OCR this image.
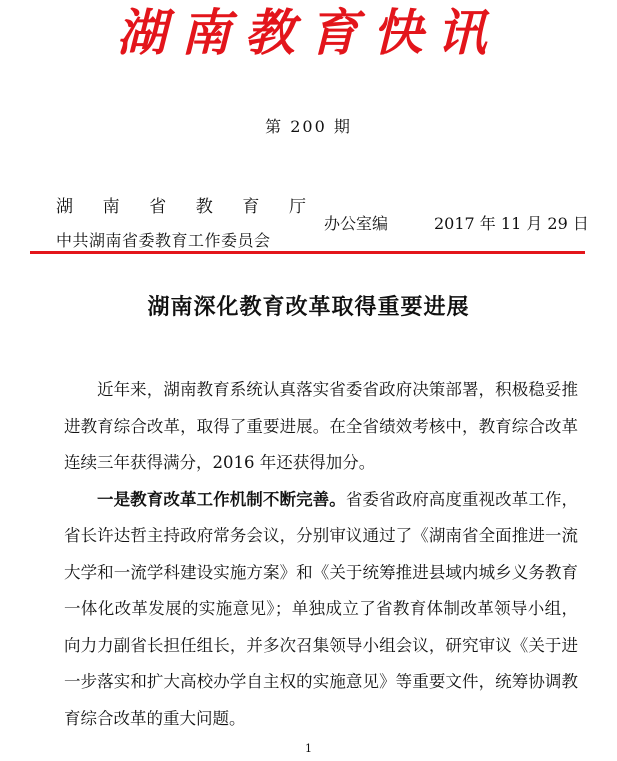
湖南教育快讯
第 200 期
湖 南 省 教 育 厅
中共湖南省委教育工作委员会
办公室编	2017 年 11 月 29 日
湖南深化教育改革取得重要进展

近年来，湖南教育系统认真落实省委省政府决策部署，积极稳妥推进教育综合改革，取得了重要进展。在全省绩效考核中，教育综合改革连续三年获得满分，2016 年还获得加分。

一是教育改革工作机制不断完善。省委省政府高度重视改革工作，省长许达哲主持政府常务会议，分别审议通过了《湖南省全面推进一流大学和一流学科建设实施方案》和《关于统筹推进县域内城乡义务教育一体化改革发展的实施意见》；单独成立了省教育体制改革领导小组，向力力副省长担任组长，并多次召集领导小组会议，研究审议《关于进一步落实和扩大高校办学自主权的实施意见》等重要文件，统筹协调教育综合改革的重大问题。

1
